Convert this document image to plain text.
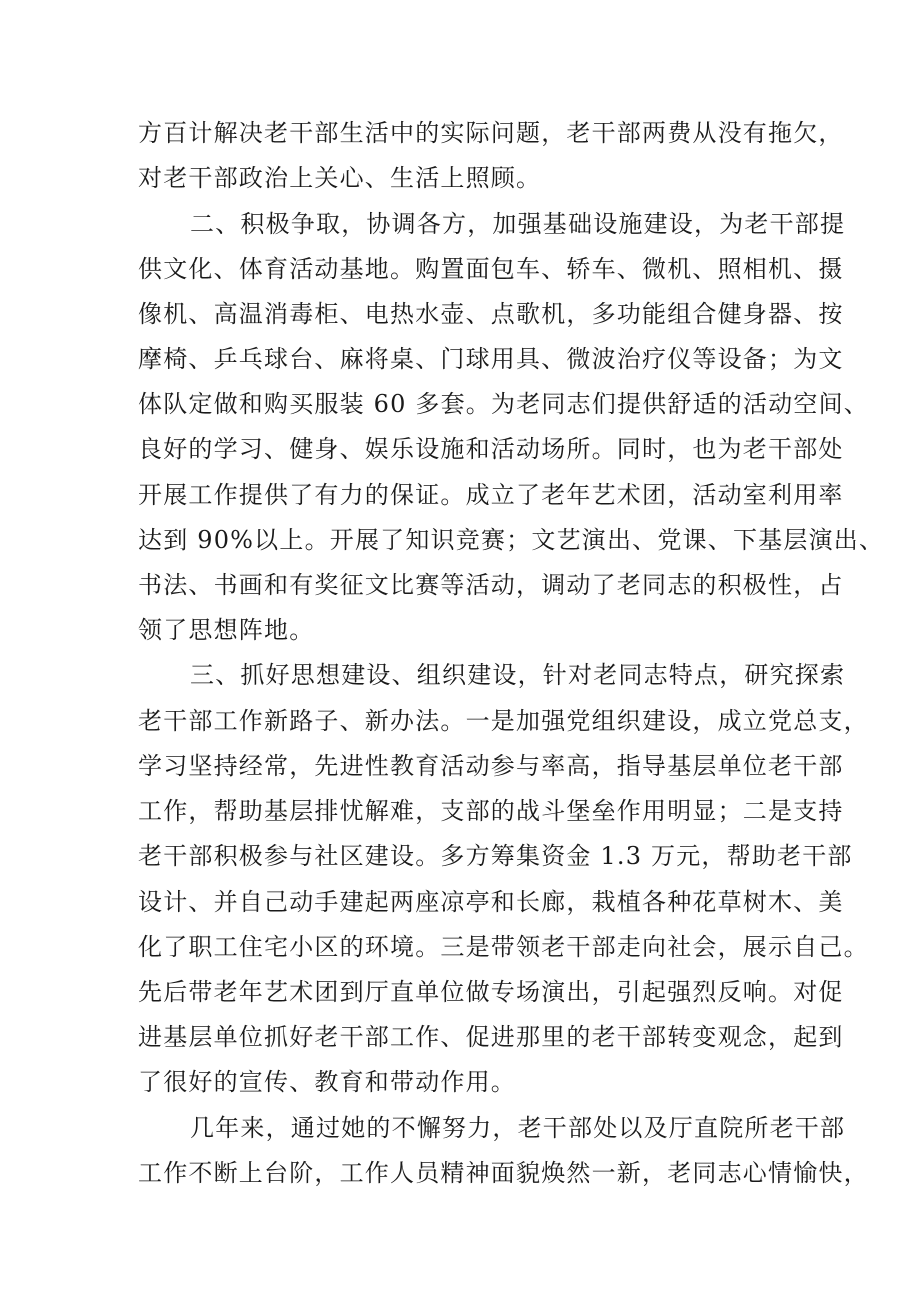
方百计解决老干部生活中的实际问题，老干部两费从没有拖欠，
对老干部政治上关心、生活上照顾。
二、积极争取，协调各方，加强基础设施建设，为老干部提
供文化、体育活动基地。购置面包车、轿车、微机、照相机、摄
像机、高温消毒柜、电热水壶、点歌机，多功能组合健身器、按
摩椅、乒乓球台、麻将桌、门球用具、微波治疗仪等设备；为文
体队定做和购买服装 60 多套。为老同志们提供舒适的活动空间、
良好的学习、健身、娱乐设施和活动场所。同时，也为老干部处
开展工作提供了有力的保证。成立了老年艺术团，活动室利用率
达到 90%以上。开展了知识竞赛；文艺演出、党课、下基层演出、
书法、书画和有奖征文比赛等活动，调动了老同志的积极性，占
领了思想阵地。
三、抓好思想建设、组织建设，针对老同志特点，研究探索
老干部工作新路子、新办法。一是加强党组织建设，成立党总支，
学习坚持经常，先进性教育活动参与率高，指导基层单位老干部
工作，帮助基层排忧解难，支部的战斗堡垒作用明显；二是支持
老干部积极参与社区建设。多方筹集资金 1.3 万元，帮助老干部
设计、并自己动手建起两座凉亭和长廊，栽植各种花草树木、美
化了职工住宅小区的环境。三是带领老干部走向社会，展示自己。
先后带老年艺术团到厅直单位做专场演出，引起强烈反响。对促
进基层单位抓好老干部工作、促进那里的老干部转变观念，起到
了很好的宣传、教育和带动作用。
几年来，通过她的不懈努力，老干部处以及厅直院所老干部
工作不断上台阶，工作人员精神面貌焕然一新，老同志心情愉快，
